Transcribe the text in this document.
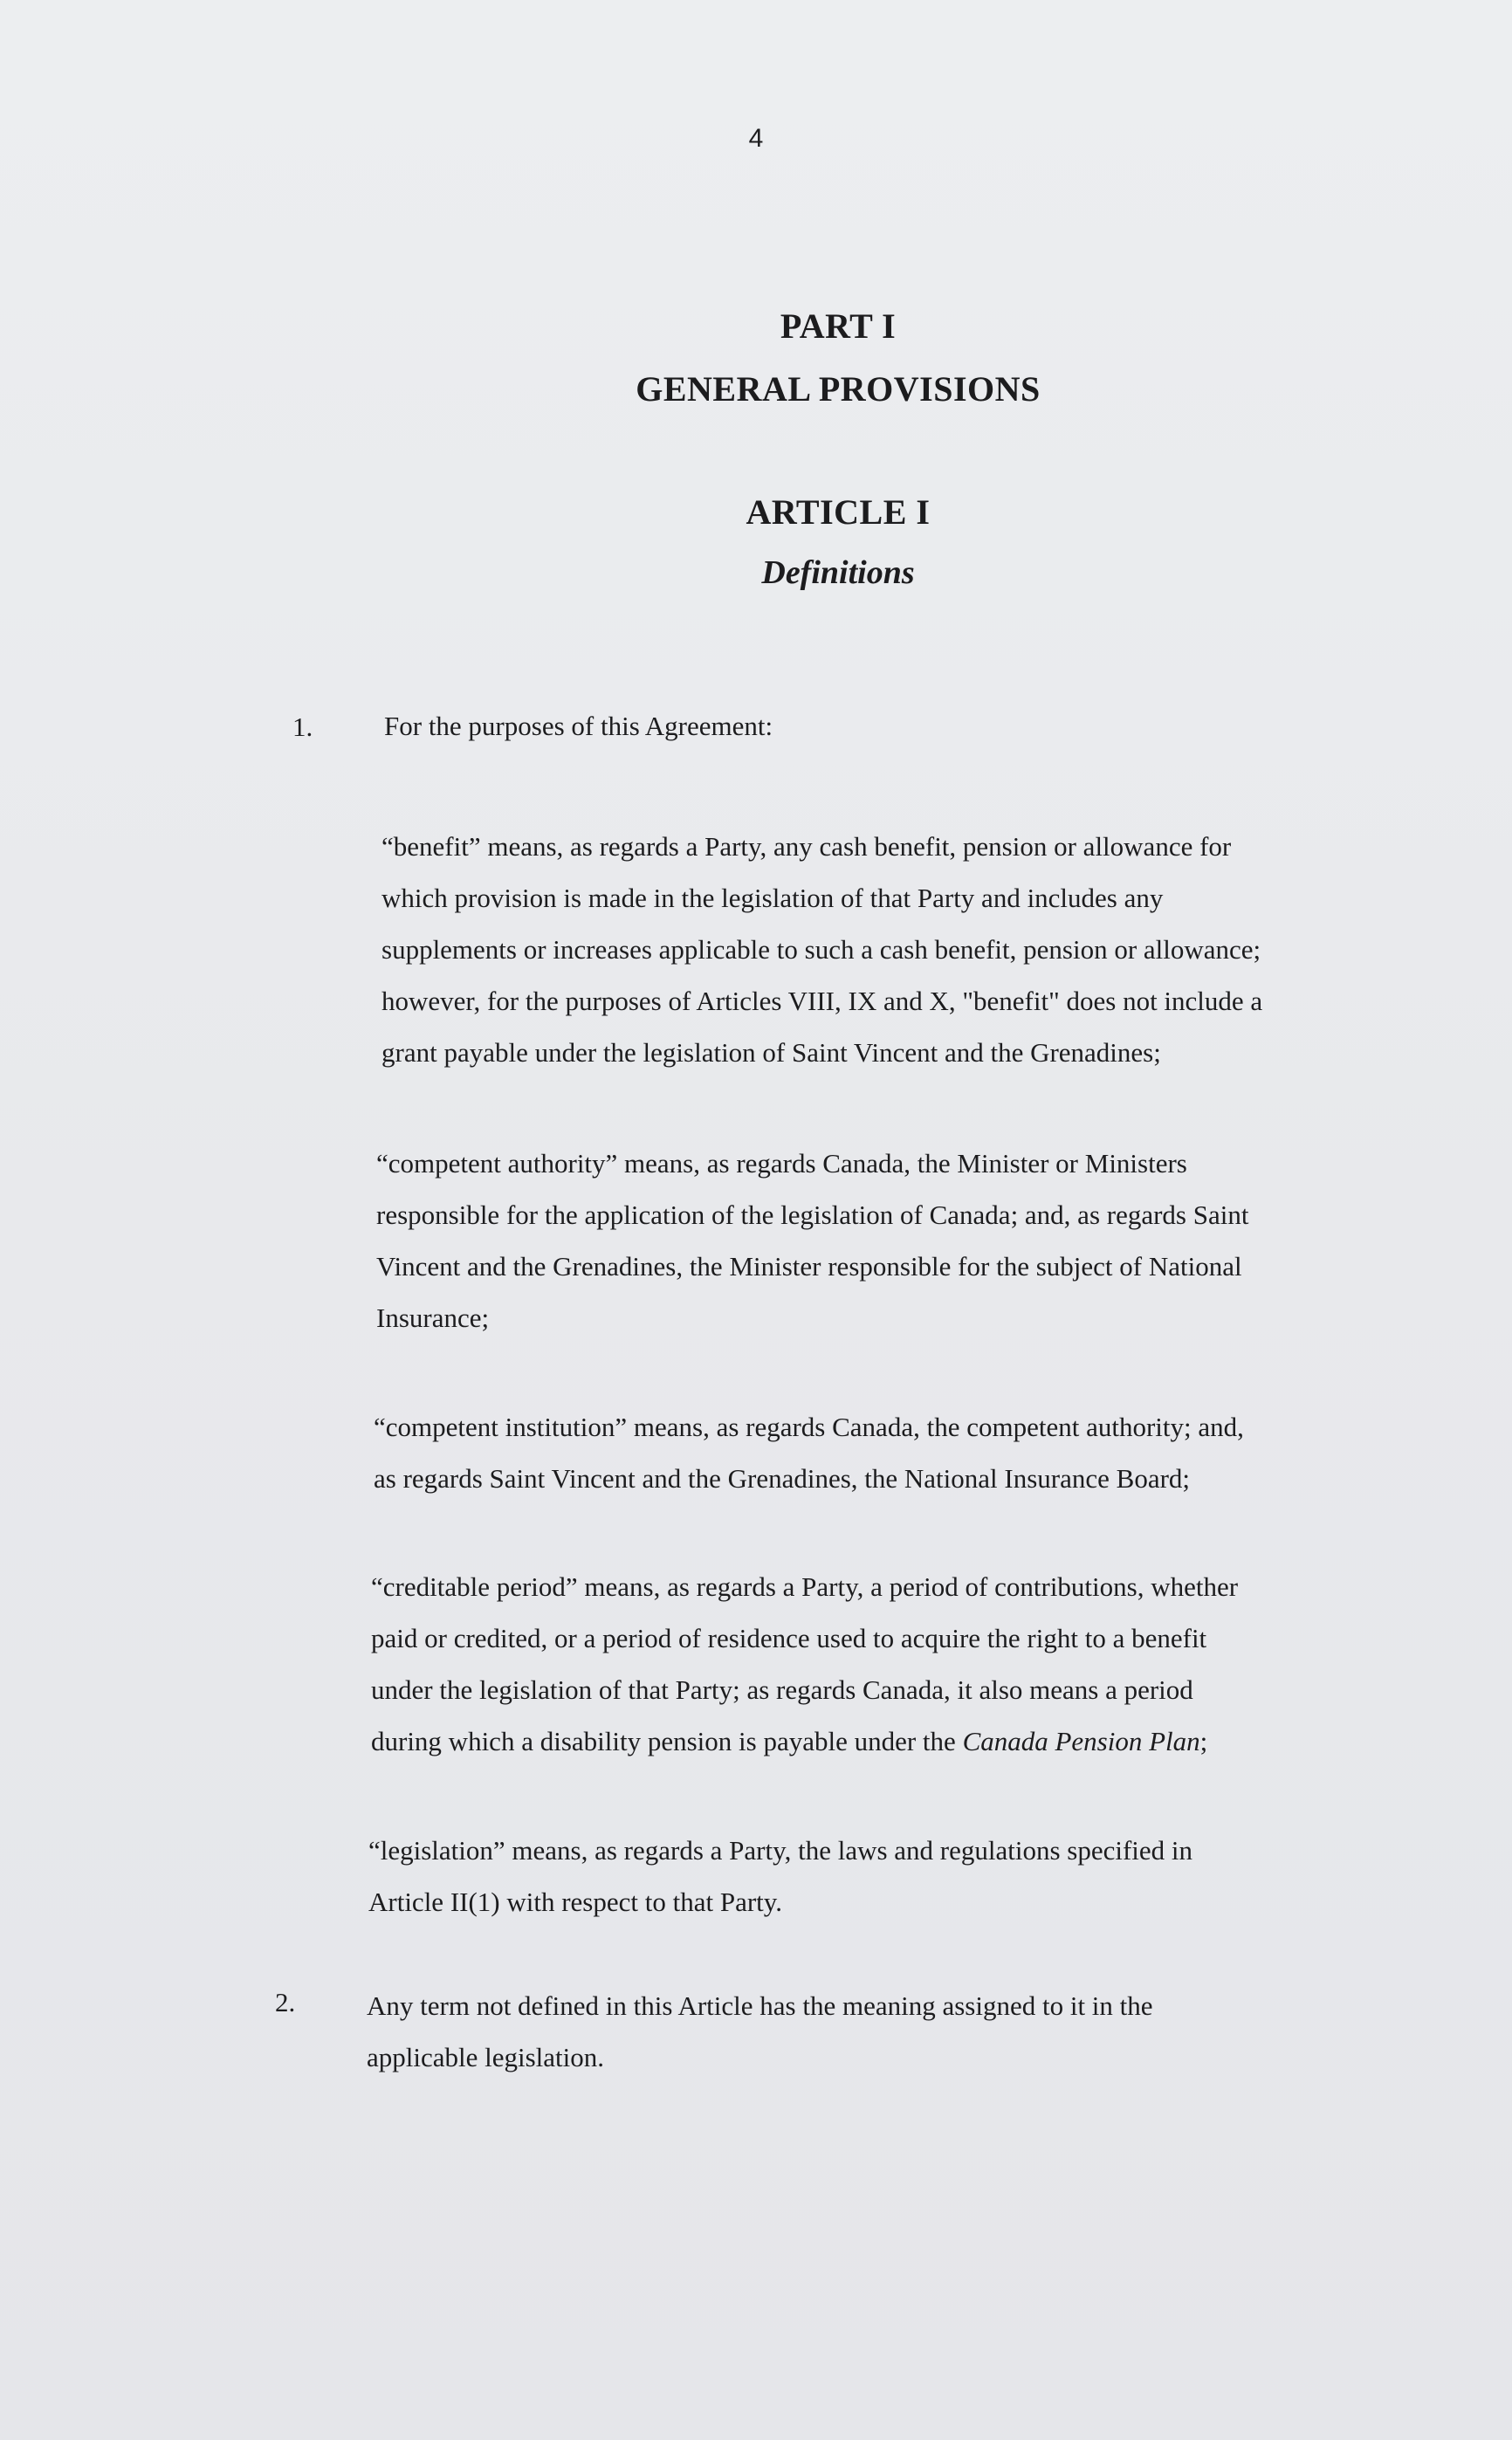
4
PART I
GENERAL PROVISIONS
ARTICLE I
Definitions
1.	For the purposes of this Agreement:
“benefit” means, as regards a Party, any cash benefit, pension or allowance for
which provision is made in the legislation of that Party and includes any
supplements or increases applicable to such a cash benefit, pension or allowance;
however, for the purposes of Articles VIII, IX and X, "benefit" does not include a
grant payable under the legislation of Saint Vincent and the Grenadines;
“competent authority” means, as regards Canada, the Minister or Ministers
responsible for the application of the legislation of Canada; and, as regards Saint
Vincent and the Grenadines, the Minister responsible for the subject of National
Insurance;
“competent institution” means, as regards Canada, the competent authority; and,
as regards Saint Vincent and the Grenadines, the National Insurance Board;
“creditable period” means, as regards a Party, a period of contributions, whether
paid or credited, or a period of residence used to acquire the right to a benefit
under the legislation of that Party; as regards Canada, it also means a period
during which a disability pension is payable under the Canada Pension Plan;
“legislation” means, as regards a Party, the laws and regulations specified in
Article II(1) with respect to that Party.
2.	Any term not defined in this Article has the meaning assigned to it in the
applicable legislation.
